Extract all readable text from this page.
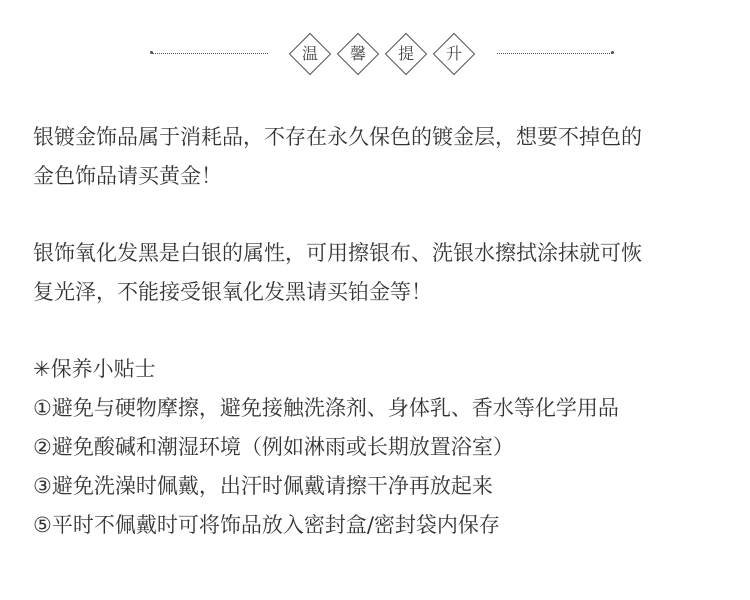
温	馨	提	升
银镀金饰品属于消耗品，不存在永久保色的镀金层，想要不掉色的
金色饰品请买黄金！
银饰氧化发黑是白银的属性，可用擦银布、洗银水擦拭涂抹就可恢
复光泽，不能接受银氧化发黑请买铂金等！
✳保养小贴士
①避免与硬物摩擦，避免接触洗涤剂、身体乳、香水等化学用品
②避免酸碱和潮湿环境（例如淋雨或长期放置浴室）
③避免洗澡时佩戴，出汗时佩戴请擦干净再放起来
⑤平时不佩戴时可将饰品放入密封盒/密封袋内保存
